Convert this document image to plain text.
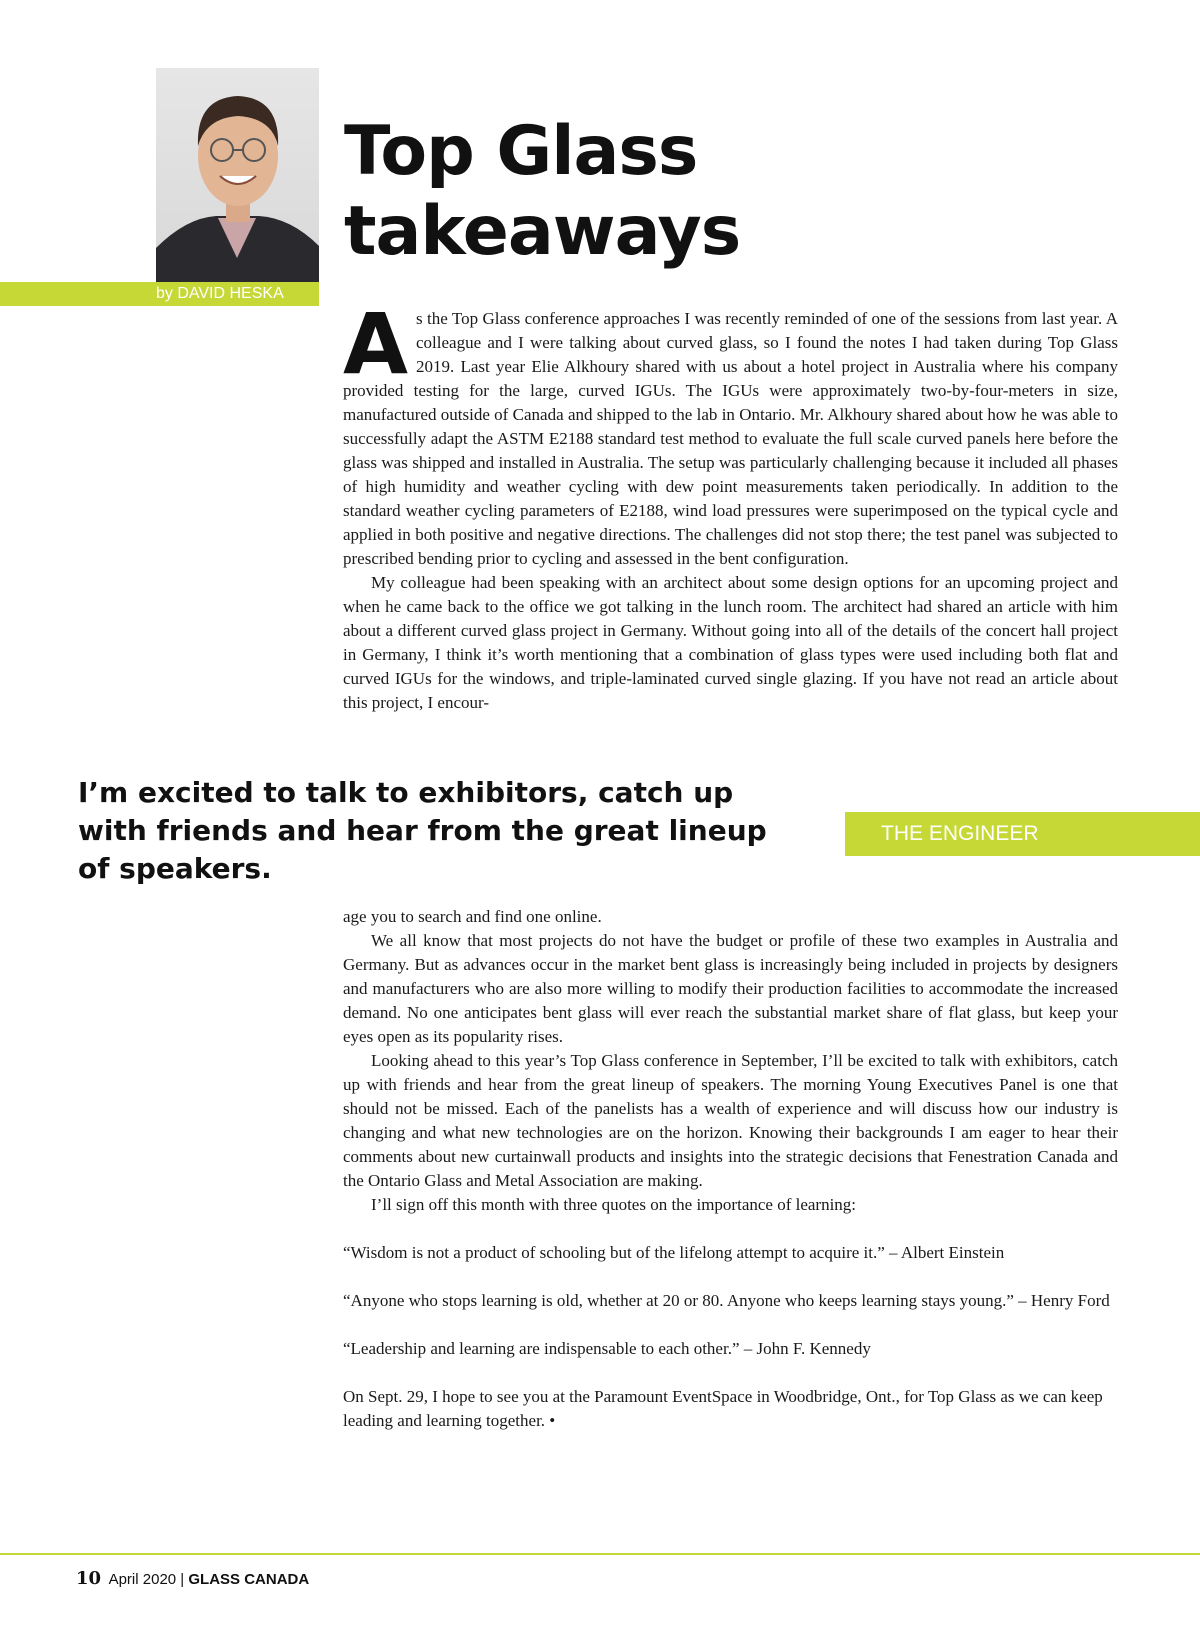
by DAVID HESKA
Top Glass
takeaways

As the Top Glass conference approaches I was recently reminded of one of the sessions from last year. A colleague and I were talking about curved glass, so I found the notes I had taken during Top Glass 2019. Last year Elie Alkhoury shared with us about a hotel project in Australia where his company provided testing for the large, curved IGUs. The IGUs were approximately two-by-four-meters in size, manufactured outside of Canada and shipped to the lab in Ontario. Mr. Alkhoury shared about how he was able to successfully adapt the ASTM E2188 standard test method to evaluate the full scale curved panels here before the glass was shipped and installed in Australia. The setup was particularly challenging because it included all phases of high humidity and weather cycling with dew point measurements taken periodically. In addition to the standard weather cycling parameters of E2188, wind load pressures were superimposed on the typical cycle and applied in both positive and negative directions. The challenges did not stop there; the test panel was subjected to prescribed bending prior to cycling and assessed in the bent configuration.

My colleague had been speaking with an architect about some design options for an upcoming project and when he came back to the office we got talking in the lunch room. The architect had shared an article with him about a different curved glass project in Germany. Without going into all of the details of the concert hall project in Germany, I think it’s worth mentioning that a combination of glass types were used including both flat and curved IGUs for the windows, and triple-laminated curved single glazing. If you have not read an article about this project, I encour-

I’m excited to talk to exhibitors, catch up with friends and hear from the great lineup of speakers.

THE ENGINEER

age you to search and find one online.

We all know that most projects do not have the budget or profile of these two examples in Australia and Germany. But as advances occur in the market bent glass is increasingly being included in projects by designers and manufacturers who are also more willing to modify their production facilities to accommodate the increased demand. No one anticipates bent glass will ever reach the substantial market share of flat glass, but keep your eyes open as its popularity rises.

Looking ahead to this year’s Top Glass conference in September, I’ll be excited to talk with exhibitors, catch up with friends and hear from the great lineup of speakers. The morning Young Executives Panel is one that should not be missed. Each of the panelists has a wealth of experience and will discuss how our industry is changing and what new technologies are on the horizon. Knowing their backgrounds I am eager to hear their comments about new curtainwall products and insights into the strategic decisions that Fenestration Canada and the Ontario Glass and Metal Association are making.

I’ll sign off this month with three quotes on the importance of learning:

“Wisdom is not a product of schooling but of the lifelong attempt to acquire it.” – Albert Einstein

“Anyone who stops learning is old, whether at 20 or 80. Anyone who keeps learning stays young.” – Henry Ford

“Leadership and learning are indispensable to each other.” – John F. Kennedy

On Sept. 29, I hope to see you at the Paramount EventSpace in Woodbridge, Ont., for Top Glass as we can keep leading and learning together. •

10 April 2020 | GLASS CANADA
